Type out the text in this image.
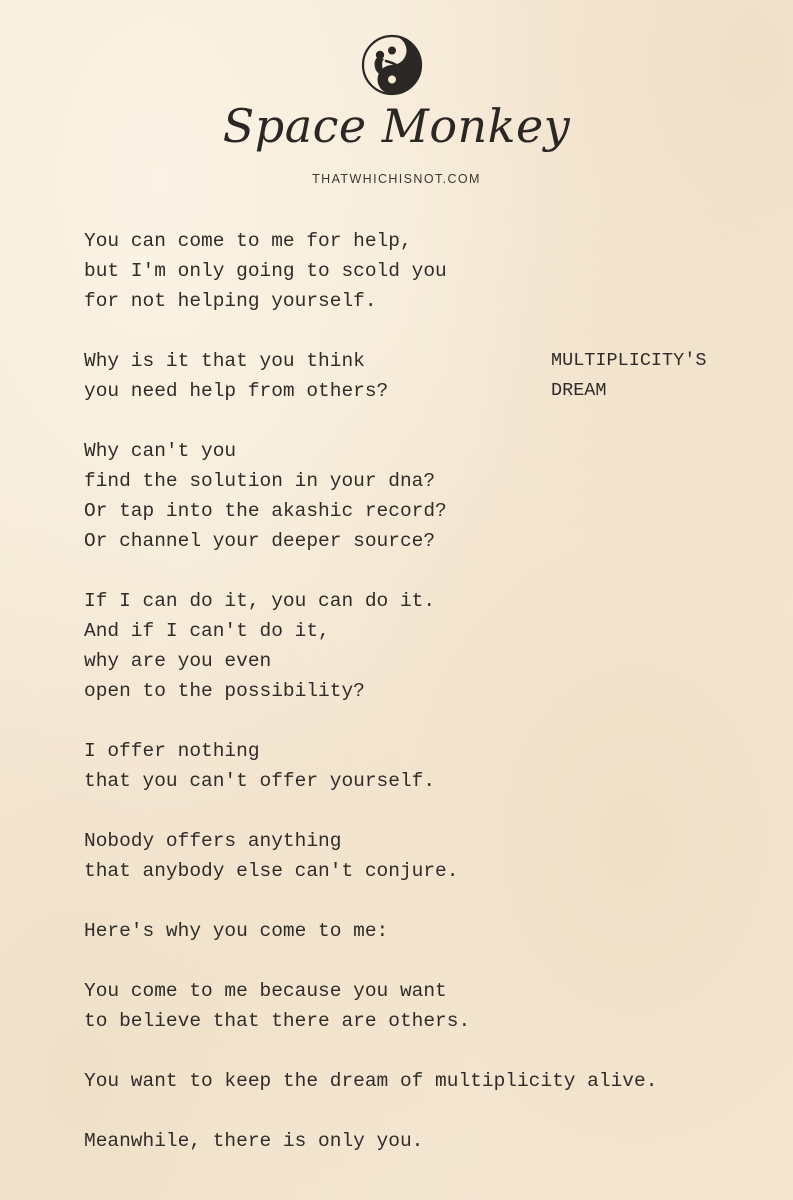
Space Monkey
THATWHICHISNOT.COM
MULTIPLICITY'S
DREAM
You can come to me for help,
but I'm only going to scold you
for not helping yourself.
Why is it that you think
you need help from others?
Why can't you
find the solution in your dna?
Or tap into the akashic record?
Or channel your deeper source?
If I can do it, you can do it.
And if I can't do it,
why are you even
open to the possibility?
I offer nothing
that you can't offer yourself.
Nobody offers anything
that anybody else can't conjure.
Here's why you come to me:
You come to me because you want
to believe that there are others.
You want to keep the dream of multiplicity alive.
Meanwhile, there is only you.
